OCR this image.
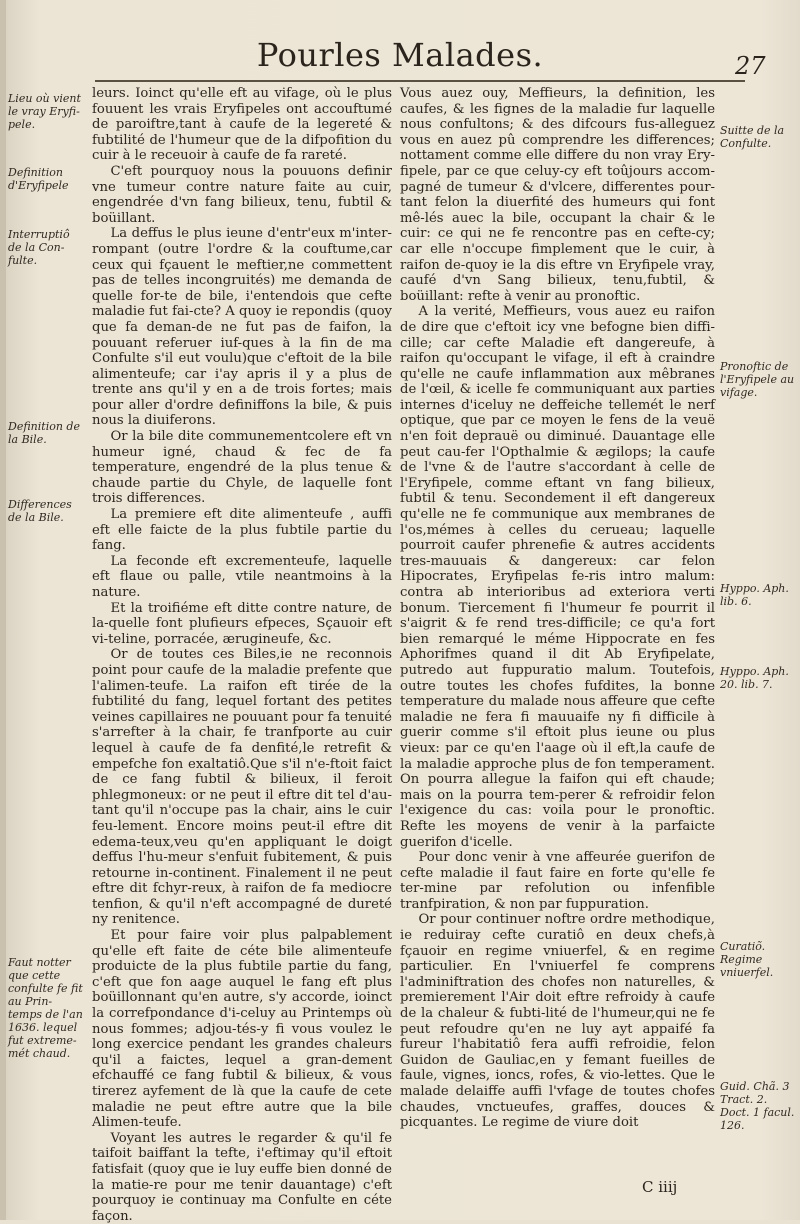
Pourles Malades.	27

leurs. Ioinct qu'elle eft au vifage, où le plus fouuent les vrais Eryfipeles ont accouftumé de paroiftre,tant à caufe de la legereté & fubtilité de l'humeur que de la difpofition du cuir à le receuoir à caufe de fa rareté.

C'eft pourquoy nous la pouuons definir vne tumeur contre nature faite au cuir, engendrée d'vn fang bilieux, tenu, fubtil & boüillant.

La deffus le plus ieune d'entr'eux m'inter-rompant (outre l'ordre & la couftume,car ceux qui fçauent le meftier,ne commettent pas de telles incongruités) me demanda de quelle for-te de bile, i'entendois que cefte maladie fut fai-cte? A quoy ie repondis (quoy que fa deman-de ne fut pas de faifon, la pouuant referuer iuf-ques à la fin de ma Confulte s'il eut voulu)que c'eftoit de la bile alimenteufe; car i'ay apris il y a plus de trente ans qu'il y en a de trois fortes; mais pour aller d'ordre definiffons la bile, & puis nous la diuiferons.

Or la bile dite communementcolere eft vn humeur igné, chaud & fec de fa temperature, engendré de la plus tenue & chaude partie du Chyle, de laquelle font trois differences.

La premiere eft dite alimenteufe , auffi eft elle faicte de la plus fubtile partie du fang.

La feconde eft excrementeufe, laquelle eft flaue ou palle, vtile neantmoins à la nature.

Et la troifiéme eft ditte contre nature, de la-quelle font plufieurs efpeces, Sçauoir eft vi-teline, porracée, ærugineufe, &c.

Or de toutes ces Biles,ie ne reconnois point pour caufe de la maladie prefente que l'alimen-teufe. La raifon eft tirée de la fubtilité du fang, lequel fortant des petites veines capillaires ne pouuant pour fa tenuité s'arrefter à la chair, fe tranfporte au cuir lequel à caufe de fa denfité,le retrefit & empefche fon exaltatiô.Que s'il n'e-ftoit faict de ce fang fubtil & bilieux, il feroit phlegmoneux: or ne peut il eftre dit tel d'au-tant qu'il n'occupe pas la chair, ains le cuir feu-lement. Encore moins peut-il eftre dit edema-teux,veu qu'en appliquant le doigt deffus l'hu-meur s'enfuit fubitement, & puis retourne in-continent. Finalement il ne peut eftre dit fchyr-reux, à raifon de fa mediocre tenfion, & qu'il n'eft accompagné de dureté ny renitence.

Et pour faire voir plus palpablement qu'elle eft faite de céte bile alimenteufe produicte de la plus fubtile partie du fang, c'eft que fon aage auquel le fang eft plus boüillonnant qu'en autre, s'y accorde, ioinct la correfpondance d'i-celuy au Printemps où nous fommes; adjou-tés-y fi vous voulez le long exercice pendant les grandes chaleurs qu'il a faictes, lequel a gran-dement efchauffé ce fang fubtil & bilieux, & vous tirerez ayfement de là que la caufe de cete maladie ne peut eftre autre que la bile Alimen-teufe.

Voyant les autres le regarder & qu'il fe taifoit baiffant la tefte, i'eftimay qu'il eftoit fatisfait (quoy que ie luy euffe bien donné de la matie-re pour me tenir dauantage) c'eft pourquoy ie continuay ma Confulte en céte façon.

Vous auez ouy, Meffieurs, la definition, les caufes, & les fignes de la maladie fur laquelle nous confultons; & des difcours fus-alleguez vous en auez pû comprendre les differences; nottament comme elle differe du non vray Ery-fipele, par ce que celuy-cy eft toûjours accom-pagné de tumeur & d'vlcere, differentes pour-tant felon la diuerfité des humeurs qui font mê-lés auec la bile, occupant la chair & le cuir: ce qui ne fe rencontre pas en cefte-cy; car elle n'occupe fimplement que le cuir, à raifon de-quoy ie la dis eftre vn Eryfipele vray, caufé d'vn Sang bilieux, tenu,fubtil, & boüillant: refte à venir au pronoftic.

A la verité, Meffieurs, vous auez eu raifon de dire que c'eftoit icy vne befogne bien diffi-cille; car cefte Maladie eft dangereufe, à raifon qu'occupant le vifage, il eft à craindre qu'elle ne caufe inflammation aux mêbranes de l'œil, & icelle fe communiquant aux parties internes d'iceluy ne deffeiche tellemét le nerf optique, que par ce moyen le fens de la veuë n'en foit deprauë ou diminué. Dauantage elle peut cau-fer l'Opthalmie & ægilops; la caufe de l'vne & de l'autre s'accordant à celle de l'Eryfipele, comme eftant vn fang bilieux, fubtil & tenu. Secondement il eft dangereux qu'elle ne fe communique aux membranes de l'os,mémes à celles du cerueau; laquelle pourroit caufer phrenefie & autres accidents tres-mauuais & dangereux: car felon Hipocrates, Eryfipelas fe-ris intro malum: contra ab interioribus ad exteriora verti bonum. Tiercement fi l'humeur fe pourrit il s'aigrit & fe rend tres-difficile; ce qu'a fort bien remarqué le méme Hippocrate en fes Aphorifmes quand il dit Ab Eryfipelate, putredo aut fuppuratio malum. Toutefois, outre toutes les chofes fufdites, la bonne temperature du malade nous affeure que cefte maladie ne fera fi mauuaife ny fi difficile à guerir comme s'il eftoit plus ieune ou plus vieux: par ce qu'en l'aage où il eft,la caufe de la maladie approche plus de fon temperament. On pourra allegue la faifon qui eft chaude; mais on la pourra tem-perer & refroidir felon l'exigence du cas: voila pour le pronoftic. Refte les moyens de venir à la parfaicte guerifon d'icelle.

Pour donc venir à vne affeurée guerifon de cefte maladie il faut faire en forte qu'elle fe ter-mine par refolution ou infenfible tranfpiration, & non par fuppuration.

Or pour continuer noftre ordre methodique, ie reduiray cefte curatiô en deux chefs,à fçauoir en regime vniuerfel, & en regime particulier. En l'vniuerfel fe comprens l'adminiftration des chofes non naturelles, & premierement l'Air doit eftre refroidy à caufe de la chaleur & fubti-lité de l'humeur,qui ne fe peut refoudre qu'en ne luy ayt appaifé fa fureur l'habitatiô fera auffi refroidie, felon Guidon de Gauliac,en y femant fueilles de faule, vignes, ioncs, rofes, & vio-lettes. Que le malade delaiffe auffi l'vfage de toutes chofes chaudes, vnctueufes, graffes, douces & picquantes. Le regime de viure doit

Lieu où vient le vray Eryfi-pele.
Definition d'Eryfipele
Interruptiô de la Con-fulte.
Definition de la Bile.
Differences de la Bile.
Faut notter que cette confulte fe fit au Prin-temps de l'an 1636. lequel fut extreme-mét chaud.
Suitte de la Confulte.
Pronoftic de l'Eryfipele au vifage.
Hyppo. Aph. lib. 6.
Hyppo. Aph. 20. lib. 7.
Curatiõ. Regime vniuerfel.
Guid. Chã. 3 Tract. 2. Doct. 1 facul. 126.
C iiij
